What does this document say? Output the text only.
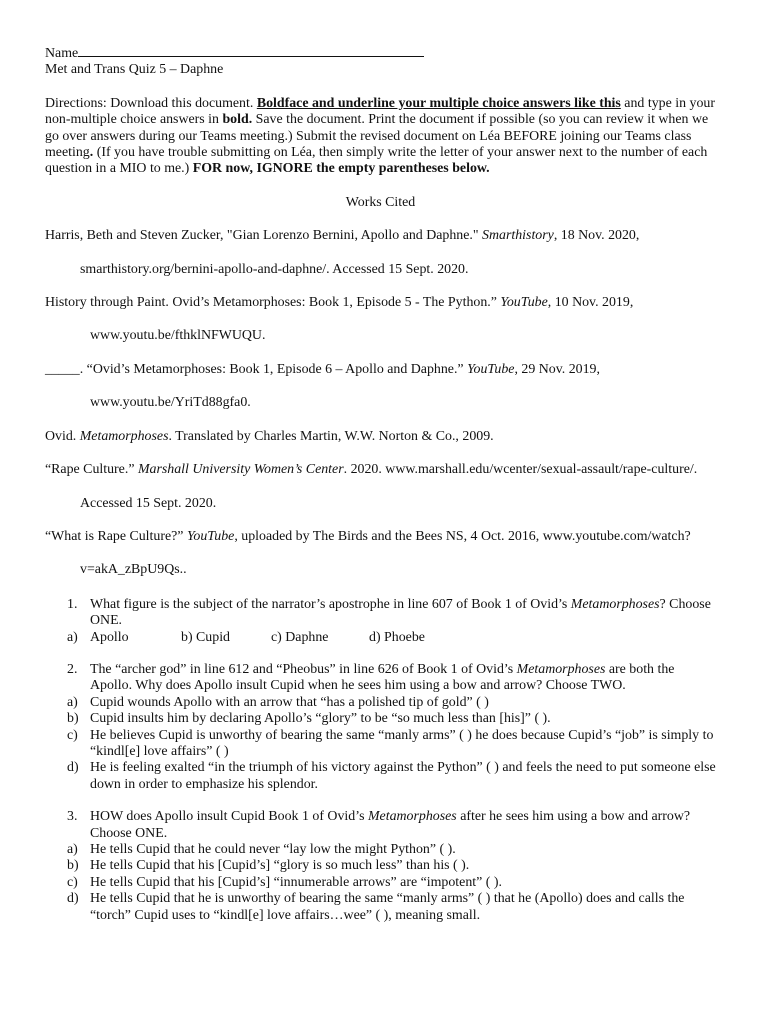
Name

Met and Trans Quiz 5 – Daphne

Directions: Download this document. Boldface and underline your multiple choice answers like this and type in your non-multiple choice answers in bold. Save the document. Print the document if possible (so you can review it when we go over answers during our Teams meeting.) Submit the revised document on Léa BEFORE joining our Teams class meeting. (If you have trouble submitting on Léa, then simply write the letter of your answer next to the number of each question in a MIO to me.) FOR now, IGNORE the empty parentheses below.

Works Cited

Harris, Beth and Steven Zucker, "Gian Lorenzo Bernini, Apollo and Daphne." Smarthistory, 18 Nov. 2020,

smarthistory.org/bernini-apollo-and-daphne/. Accessed 15 Sept. 2020.

History through Paint. Ovid’s Metamorphoses: Book 1, Episode 5 - The Python.” YouTube, 10 Nov. 2019,

www.youtu.be/fthklNFWUQU.

_____. “Ovid’s Metamorphoses: Book 1, Episode 6 – Apollo and Daphne.” YouTube, 29 Nov. 2019,

www.youtu.be/YriTd88gfa0.

Ovid. Metamorphoses. Translated by Charles Martin, W.W. Norton & Co., 2009.

“Rape Culture.” Marshall University Women’s Center. 2020. www.marshall.edu/wcenter/sexual-assault/rape-culture/.

Accessed 15 Sept. 2020.

“What is Rape Culture?” YouTube, uploaded by The Birds and the Bees NS, 4 Oct. 2016, www.youtube.com/watch?

v=akA_zBpU9Qs..

1. What figure is the subject of the narrator’s apostrophe in line 607 of Book 1 of Ovid’s Metamorphoses? Choose ONE.
a) Apollo	b) Cupid	c) Daphne	d) Phoebe
2. The “archer god” in line 612 and “Pheobus” in line 626 of Book 1 of Ovid’s Metamorphoses are both the Apollo. Why does Apollo insult Cupid when he sees him using a bow and arrow? Choose TWO.
a) Cupid wounds Apollo with an arrow that “has a polished tip of gold” ( )
b) Cupid insults him by declaring Apollo’s “glory” to be “so much less than [his]” ( ).
c) He believes Cupid is unworthy of bearing the same “manly arms” ( ) he does because Cupid’s “job” is simply to “kindl[e] love affairs” ( )
d) He is feeling exalted “in the triumph of his victory against the Python” ( ) and feels the need to put someone else down in order to emphasize his splendor.
3. HOW does Apollo insult Cupid Book 1 of Ovid’s Metamorphoses after he sees him using a bow and arrow? Choose ONE.
a) He tells Cupid that he could never “lay low the might Python” ( ).
b) He tells Cupid that his [Cupid’s] “glory is so much less” than his ( ).
c) He tells Cupid that his [Cupid’s] “innumerable arrows” are “impotent” ( ).
d) He tells Cupid that he is unworthy of bearing the same “manly arms” ( ) that he (Apollo) does and calls the “torch” Cupid uses to “kindl[e] love affairs…wee” ( ), meaning small.
